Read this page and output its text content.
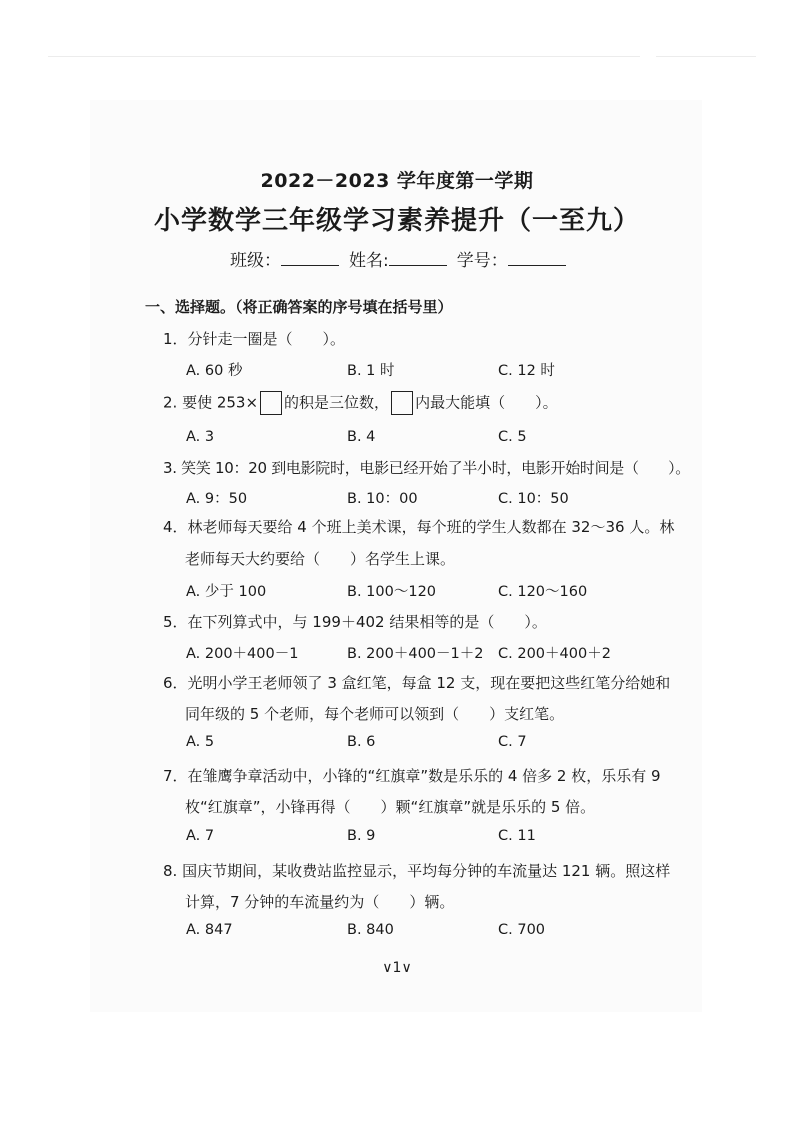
2022－2023 学年度第一学期
小学数学三年级学习素养提升（一至九）
班级：	姓名:	学号：
一、选择题。（将正确答案的序号填在括号里）
1．分针走一圈是（　　）。
A. 60 秒	B. 1 时	C. 12 时
2. 要使 253× 的积是三位数， 内最大能填（　　）。
A. 3	B. 4	C. 5
3. 笑笑 10：20 到电影院时，电影已经开始了半小时，电影开始时间是（　　）。
A. 9：50	B. 10：00	C. 10：50
4．林老师每天要给 4 个班上美术课，每个班的学生人数都在 32～36 人。林
老师每天大约要给（　　）名学生上课。
A. 少于 100	B. 100～120	C. 120～160
5．在下列算式中，与 199＋402 结果相等的是（　　）。
A. 200＋400－1	B. 200＋400－1＋2 C. 200＋400＋2
6．光明小学王老师领了 3 盒红笔，每盒 12 支，现在要把这些红笔分给她和
同年级的 5 个老师，每个老师可以领到（　　）支红笔。
A. 5	B. 6	C. 7
7．在雏鹰争章活动中，小锋的“红旗章”数是乐乐的 4 倍多 2 枚，乐乐有 9
枚“红旗章”，小锋再得（　　）颗“红旗章”就是乐乐的 5 倍。
A. 7	B. 9	C. 11
8. 国庆节期间，某收费站监控显示，平均每分钟的车流量达 121 辆。照这样
计算，7 分钟的车流量约为（　　）辆。
A. 847	B. 840	C. 700
∨1∨
